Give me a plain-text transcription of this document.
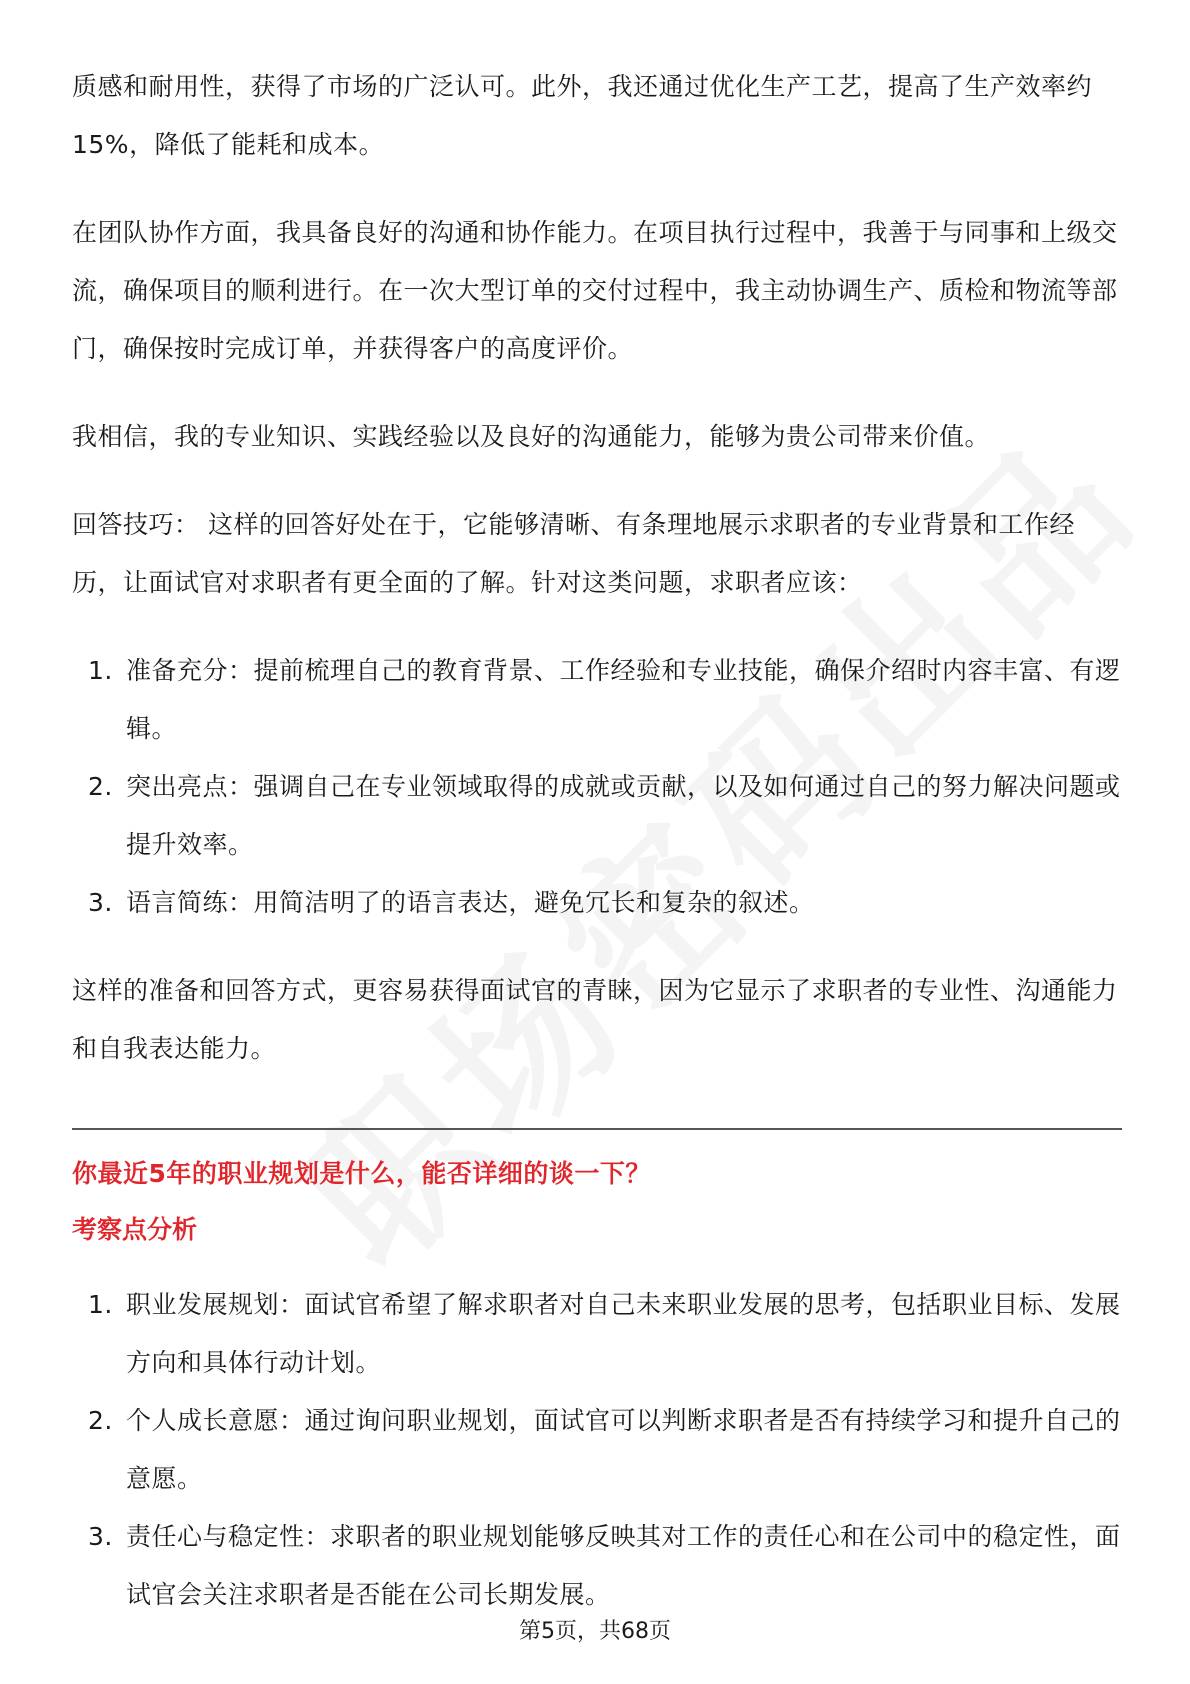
质感和耐用性，获得了市场的广泛认可。此外，我还通过优化生产工艺，提高了生产效率约15%，降低了能耗和成本。

在团队协作方面，我具备良好的沟通和协作能力。在项目执行过程中，我善于与同事和上级交流，确保项目的顺利进行。在一次大型订单的交付过程中，我主动协调生产、质检和物流等部门，确保按时完成订单，并获得客户的高度评价。

我相信，我的专业知识、实践经验以及良好的沟通能力，能够为贵公司带来价值。

回答技巧： 这样的回答好处在于，它能够清晰、有条理地展示求职者的专业背景和工作经历，让面试官对求职者有更全面的了解。针对这类问题，求职者应该：

1. 准备充分：提前梳理自己的教育背景、工作经验和专业技能，确保介绍时内容丰富、有逻辑。
2. 突出亮点：强调自己在专业领域取得的成就或贡献，以及如何通过自己的努力解决问题或提升效率。
3. 语言简练：用简洁明了的语言表达，避免冗长和复杂的叙述。

这样的准备和回答方式，更容易获得面试官的青睐，因为它显示了求职者的专业性、沟通能力和自我表达能力。

你最近5年的职业规划是什么，能否详细的谈一下？
考察点分析
1. 职业发展规划：面试官希望了解求职者对自己未来职业发展的思考，包括职业目标、发展方向和具体行动计划。
2. 个人成长意愿：通过询问职业规划，面试官可以判断求职者是否有持续学习和提升自己的意愿。
3. 责任心与稳定性：求职者的职业规划能够反映其对工作的责任心和在公司中的稳定性，面试官会关注求职者是否能在公司长期发展。
第5页，共68页
